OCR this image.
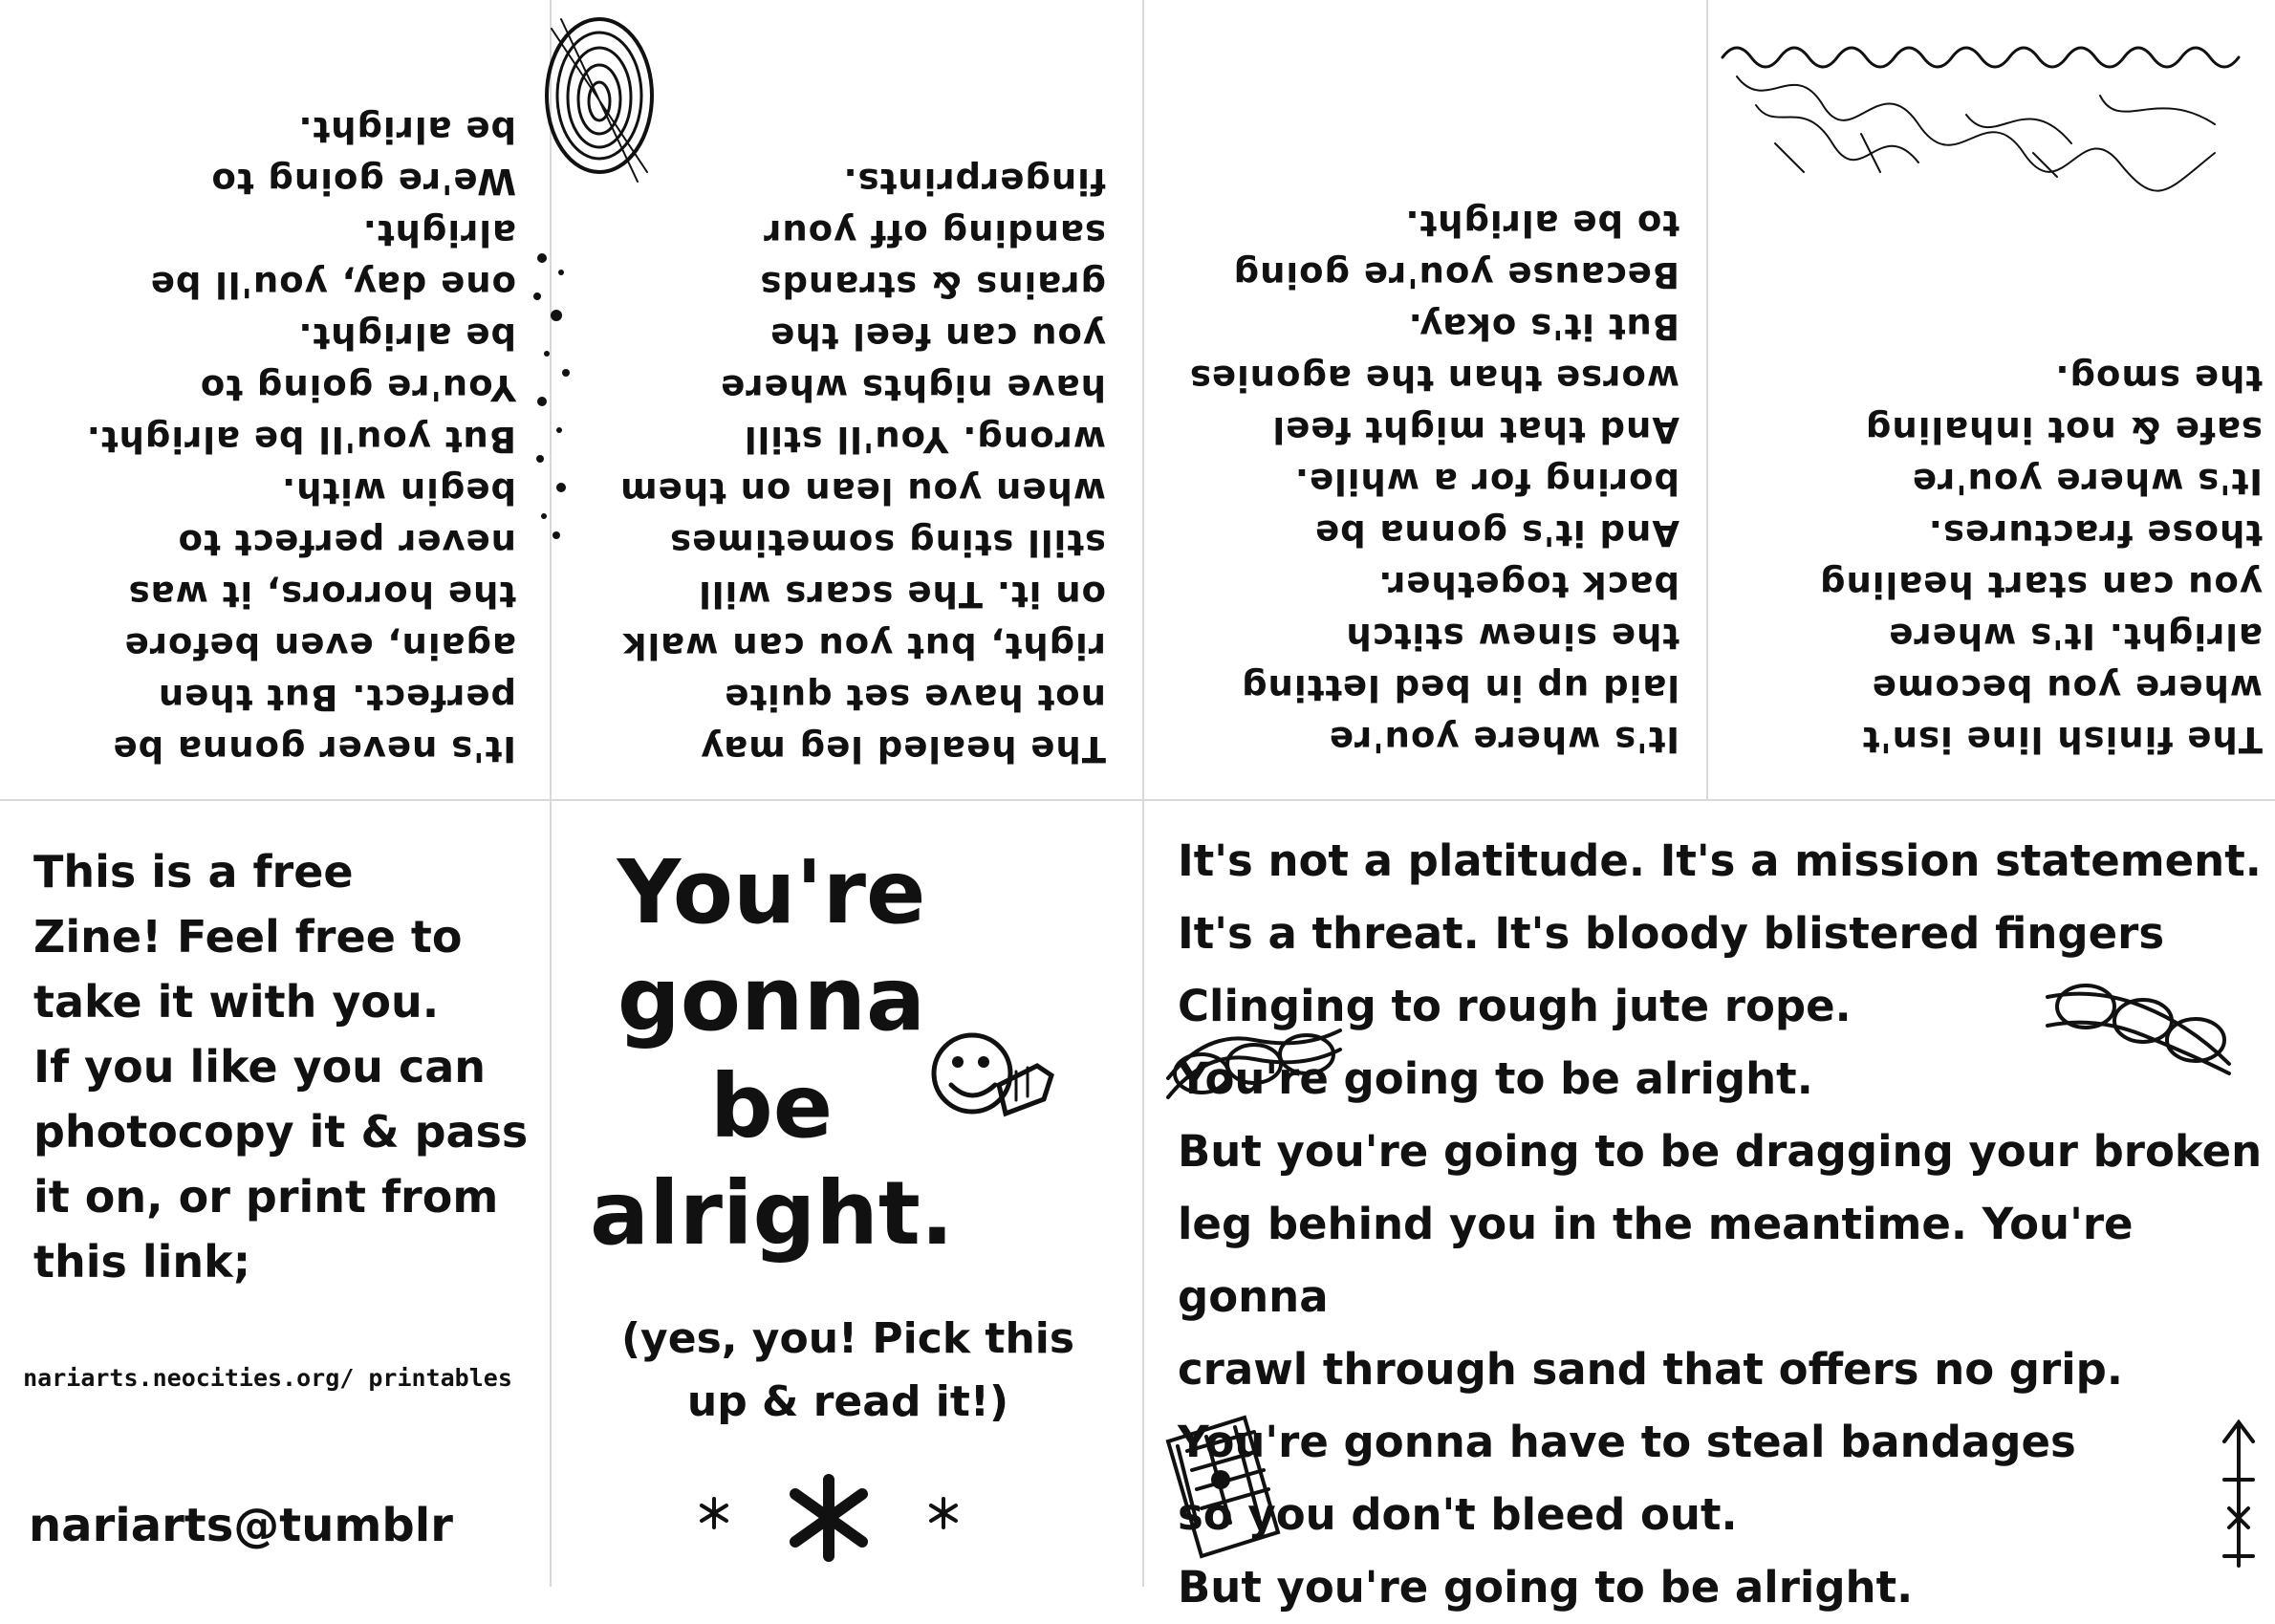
It's never gonna be
perfect. But then
again, even before
the horrors, it was
never perfect to
begin with.
But you'll be alright.
You're going to
be alright.
one day, you'll be
alright.
We're going to
be alright.
The healed leg may
not have set quite
right, but you can walk
on it. The scars will
still sting sometimes
when you lean on them
wrong. You'll still
have nights where
you can feel the
grains & strands
sanding off your
fingerprints.
It's where you're
laid up in bed letting
the sinew stitch
back together.
And it's gonna be
boring for a while.
And that might feel
worse than the agonies
But it's okay.
Because you're going
to be alright.
The finish line isn't
where you become
alright. It's where
you can start healing
those fractures.
It's where you're
safe & not inhaling
the smog.
This is a free
Zine! Feel free to
take it with you.
If you like you can
photocopy it & pass
it on, or print from
this link;
nariarts.neocities.org/ printables
nariarts@tumblr
You're
gonna
be
alright.
(yes, you! Pick this
up & read it!)
It's not a platitude. It's a mission statement.
It's a threat. It's bloody blistered fingers
Clinging to rough jute rope.
You're going to be alright.
But you're going to be dragging your broken
leg behind you in the meantime. You're gonna
crawl through sand that offers no grip.
You're gonna have to steal bandages
so you don't bleed out.
But you're going to be alright.
